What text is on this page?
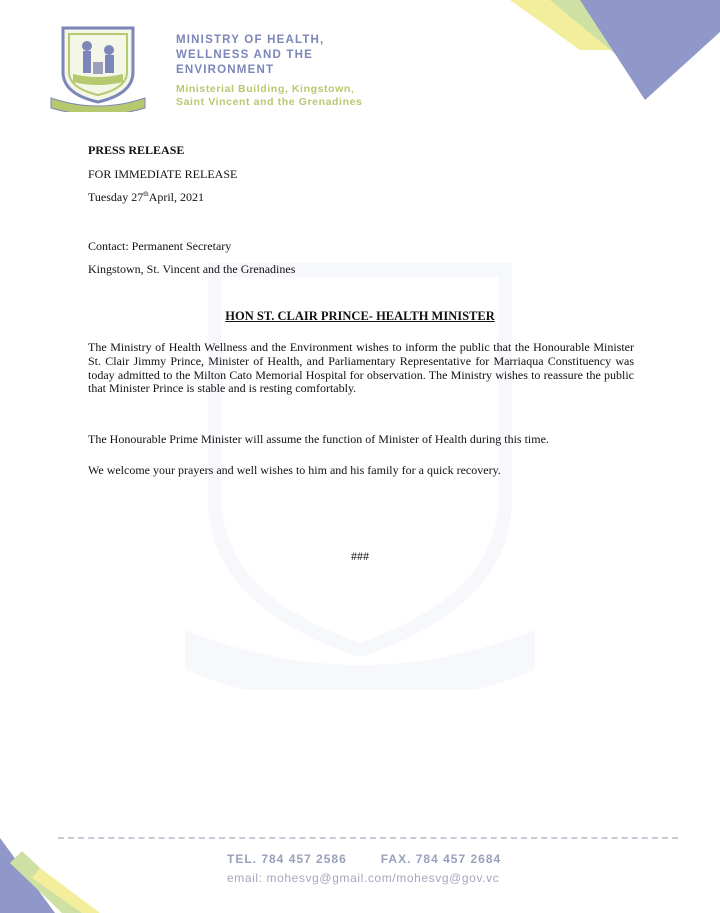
MINISTRY OF HEALTH,
WELLNESS AND THE
ENVIRONMENT
Ministerial Building, Kingstown,
Saint Vincent and the Grenadines
PRESS RELEASE
FOR IMMEDIATE RELEASE
Tuesday 27thApril, 2021
Contact: Permanent Secretary
Kingstown, St. Vincent and the Grenadines
HON ST. CLAIR PRINCE- HEALTH MINISTER
The Ministry of Health Wellness and the Environment wishes to inform the public that the Honourable Minister St. Clair Jimmy Prince, Minister of Health, and Parliamentary Representative for Marriaqua Constituency was today admitted to the Milton Cato Memorial Hospital for observation. The Ministry wishes to reassure the public that Minister Prince is stable and is resting comfortably.
The Honourable Prime Minister will assume the function of Minister of Health during this time.
We welcome your prayers and well wishes to him and his family for a quick recovery.
###
TEL. 784 457 2586	FAX. 784 457 2684
email: mohesvg@gmail.com/mohesvg@gov.vc
